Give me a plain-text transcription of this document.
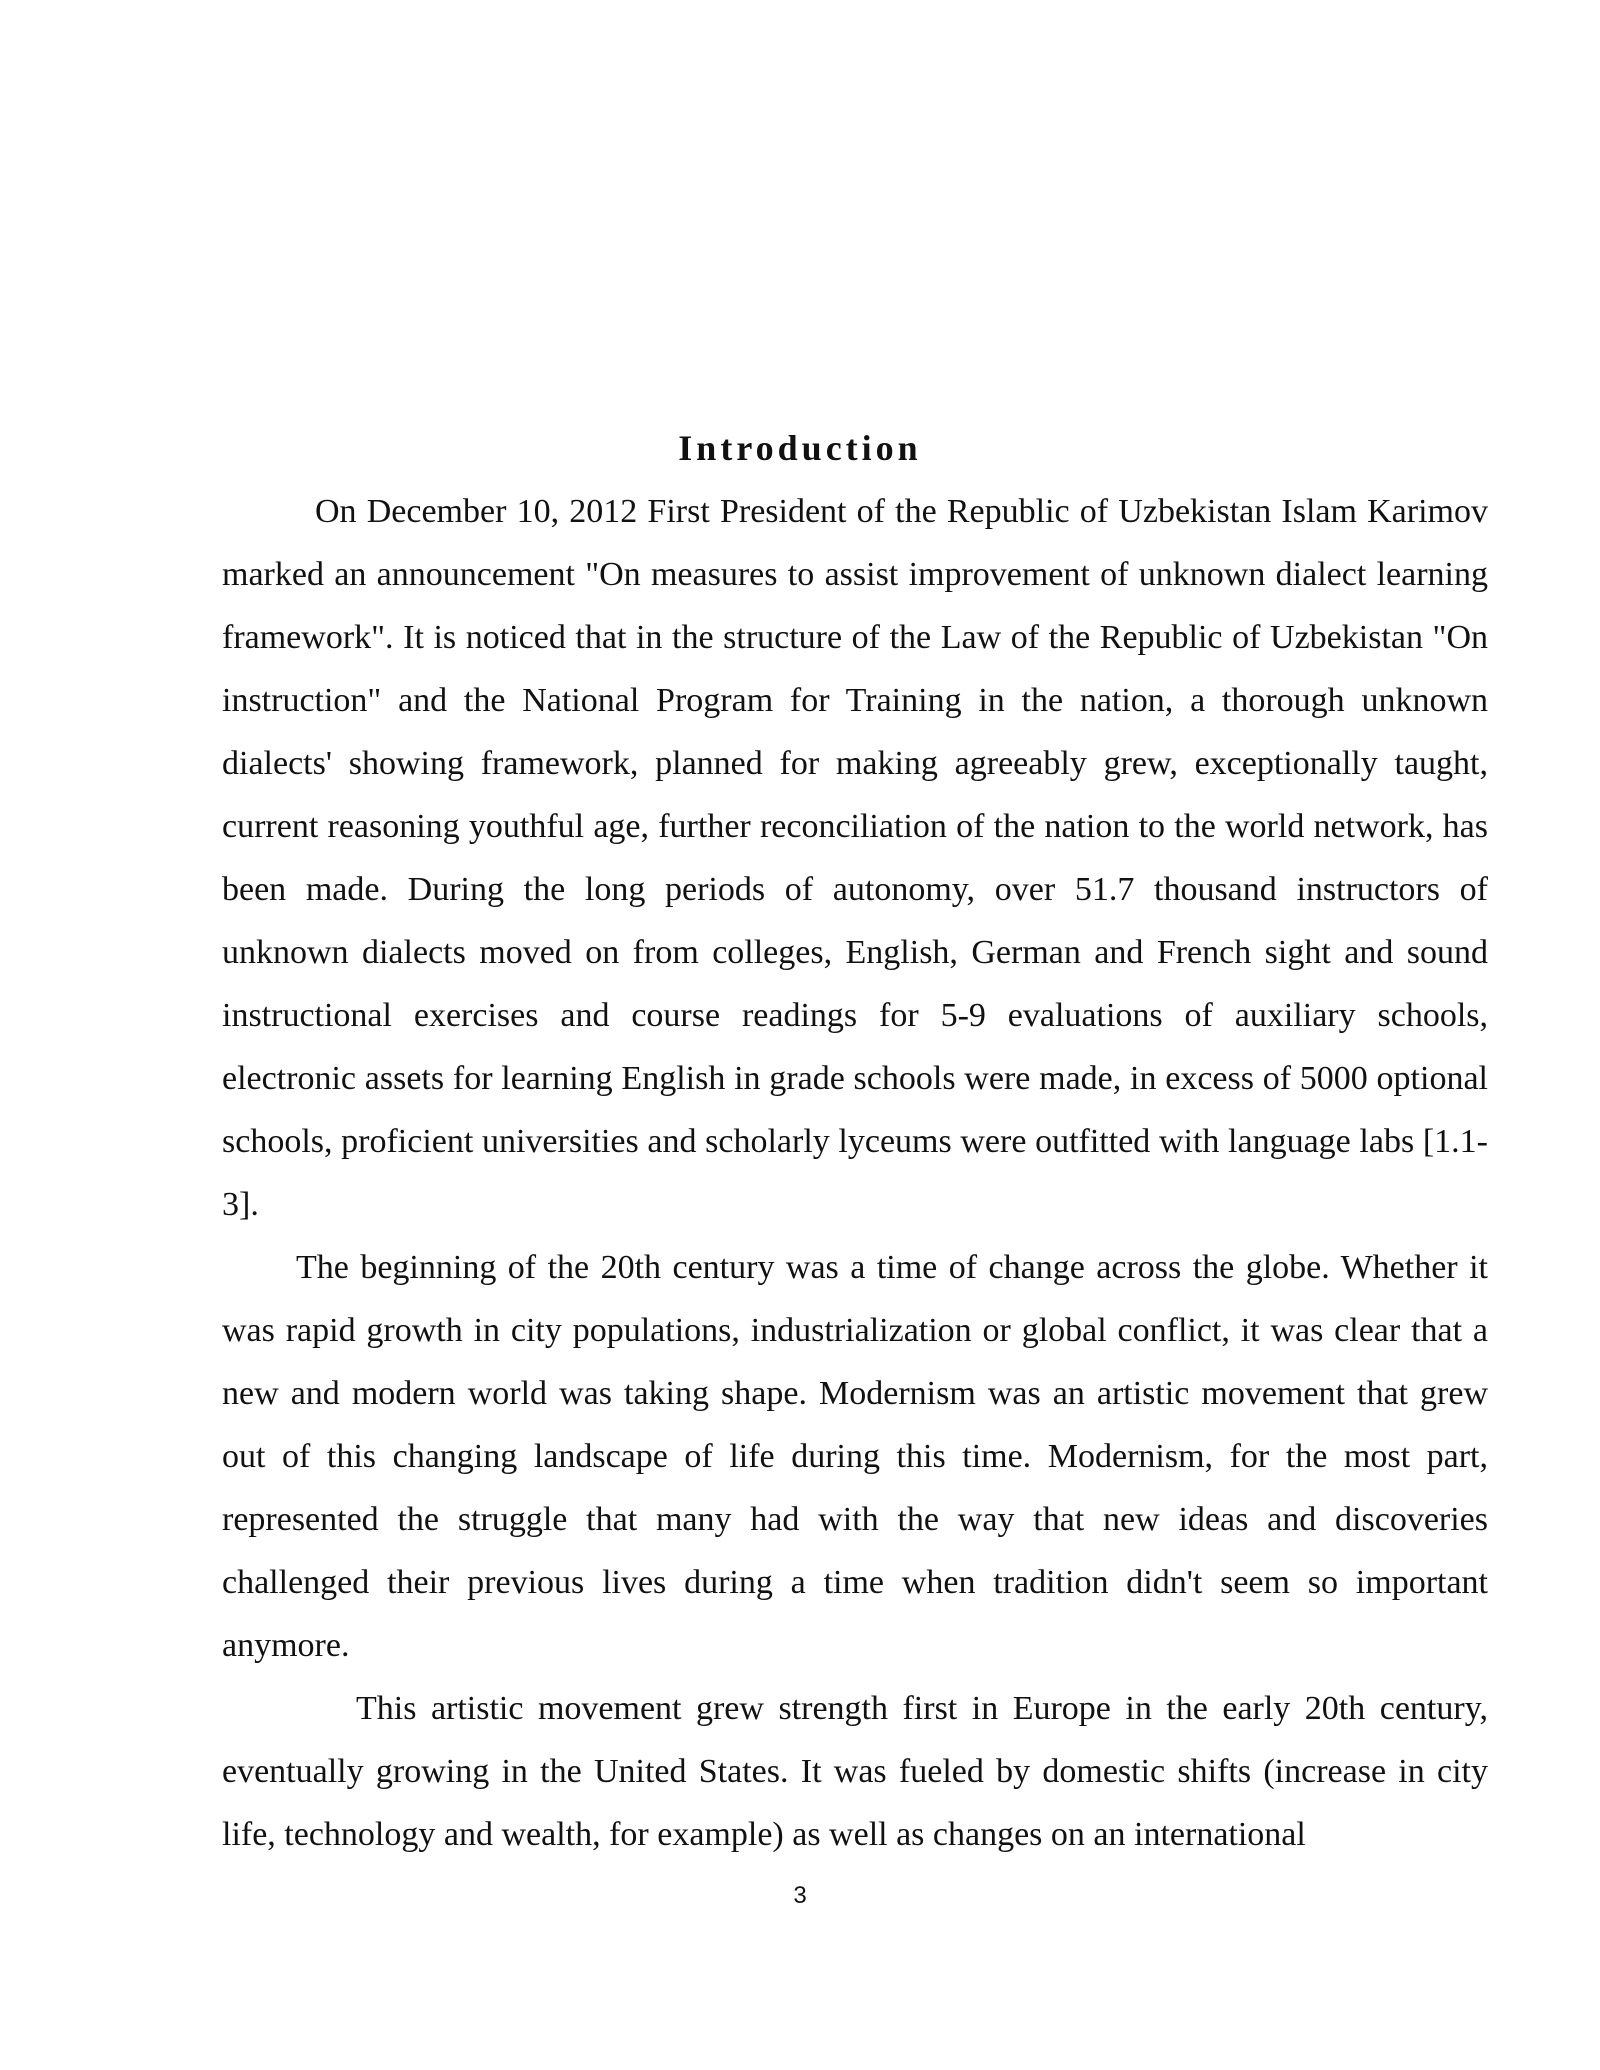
Introduction

On December 10, 2012 First President of the Republic of Uzbekistan Islam Karimov marked an announcement "On measures to assist improvement of unknown dialect learning framework". It is noticed that in the structure of the Law of the Republic of Uzbekistan "On instruction" and the National Program for Training in the nation, a thorough unknown dialects' showing framework, planned for making agreeably grew, exceptionally taught, current reasoning youthful age, further reconciliation of the nation to the world network, has been made. During the long periods of autonomy, over 51.7 thousand instructors of unknown dialects moved on from colleges, English, German and French sight and sound instructional exercises and course readings for 5-9 evaluations of auxiliary schools, electronic assets for learning English in grade schools were made, in excess of 5000 optional schools, proficient universities and scholarly lyceums were outfitted with language labs [1.1-3].

The beginning of the 20th century was a time of change across the globe. Whether it was rapid growth in city populations, industrialization or global conflict, it was clear that a new and modern world was taking shape. Modernism was an artistic movement that grew out of this changing landscape of life during this time. Modernism, for the most part, represented the struggle that many had with the way that new ideas and discoveries challenged their previous lives during a time when tradition didn't seem so important anymore.

This artistic movement grew strength first in Europe in the early 20th century, eventually growing in the United States. It was fueled by domestic shifts (increase in city life, technology and wealth, for example) as well as changes on an international

3
